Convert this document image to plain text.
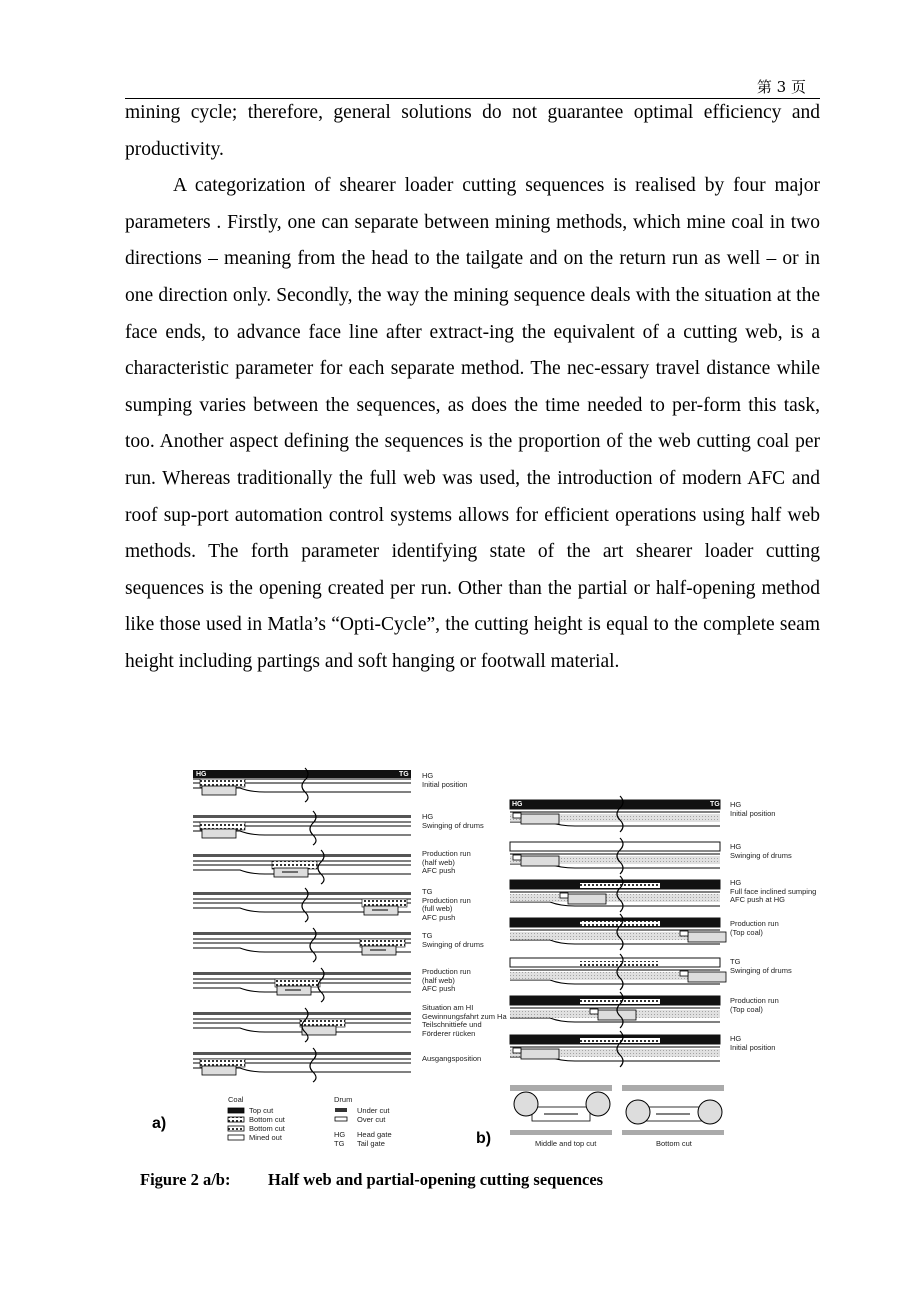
第 3 页

mining cycle; therefore, general solutions do not guarantee optimal efficiency and productivity.

A categorization of shearer loader cutting sequences is realised by four major parameters . Firstly, one can separate between mining methods, which mine coal in two directions – meaning from the head to the tailgate and on the return run as well – or in one direction only. Secondly, the way the mining sequence deals with the situation at the face ends, to advance face line after extract-ing the equivalent of a cutting web, is a characteristic parameter for each separate method. The nec-essary travel distance while sumping varies between the sequences, as does the time needed to per-form this task, too. Another aspect defining the sequences is the proportion of the web cutting coal per run. Whereas traditionally the full web was used, the introduction of modern AFC and roof sup-port automation control systems allows for efficient operations using half web methods. The forth parameter identifying state of the art shearer loader cutting sequences is the opening created per run. Other than the partial or half-opening method like those used in Matla’s “Opti-Cycle”, the cutting height is equal to the complete seam height including partings and soft hanging or footwall material.

HG
Initial position
HG
Swinging of drums
Production run
(half web)
AFC push
TG
Production run
(full web)
AFC push
TG
Swinging of drums
Production run
(half web)
AFC push
Situation am HI
Gewinnungsfahrt zum Ha
Teilschnittiefe und
Förderer rücken
Ausgangsposition
HG
Initial position
HG
Swinging of drums
HG
Full face inclined sumping
AFC push at HG
Production run
(Top coal)
TG
Swinging of drums
Production run
(Top coal)
HG
Initial position
HG	TG
HG	TG
a)
b)
Coal
Top cut
Bottom cut
Bottom cut
Mined out
Drum
Under cut
Over cut
HG Head gate
TG Tail gate	Middle and top cut	Bottom cut
Figure 2 a/b: Half web and partial-opening cutting sequences
